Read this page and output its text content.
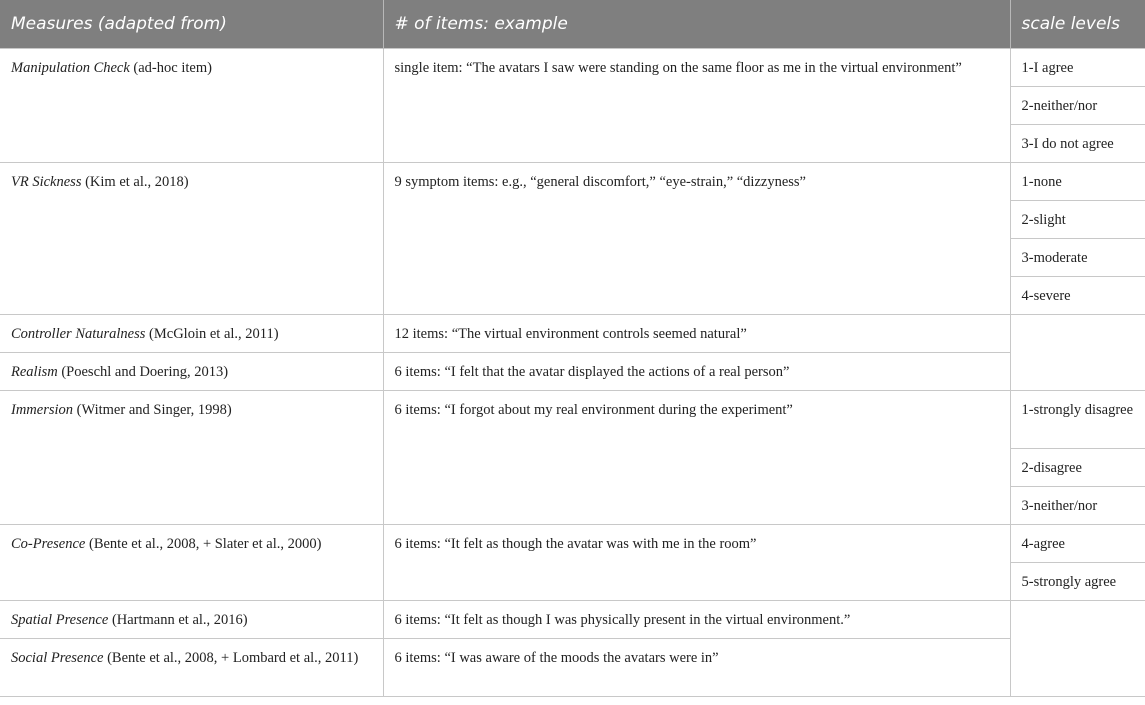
Measures (adapted from)	# of items: example	scale levels
Manipulation Check (ad-hoc item)	single item: “The avatars I saw were standing on the same floor as me in the virtual environment”	1-I agree
		2-neither/nor
		3-I do not agree
VR Sickness (Kim et al., 2018)	9 symptom items: e.g., “general discomfort,” “eye-strain,” “dizzyness”	1-none
		2-slight
		3-moderate
		4-severe
Controller Naturalness (McGloin et al., 2011)	12 items: “The virtual environment controls seemed natural”	
Realism (Poeschl and Doering, 2013)	6 items: “I felt that the avatar displayed the actions of a real person”	
Immersion (Witmer and Singer, 1998)	6 items: “I forgot about my real environment during the experiment”	1-strongly disagree
		2-disagree
		3-neither/nor
Co-Presence (Bente et al., 2008, + Slater et al., 2000)	6 items: “It felt as though the avatar was with me in the room”	4-agree
		5-strongly agree
Spatial Presence (Hartmann et al., 2016)	6 items: “It felt as though I was physically present in the virtual environment.”	
Social Presence (Bente et al., 2008, + Lombard et al., 2011)	6 items: “I was aware of the moods the avatars were in”	
